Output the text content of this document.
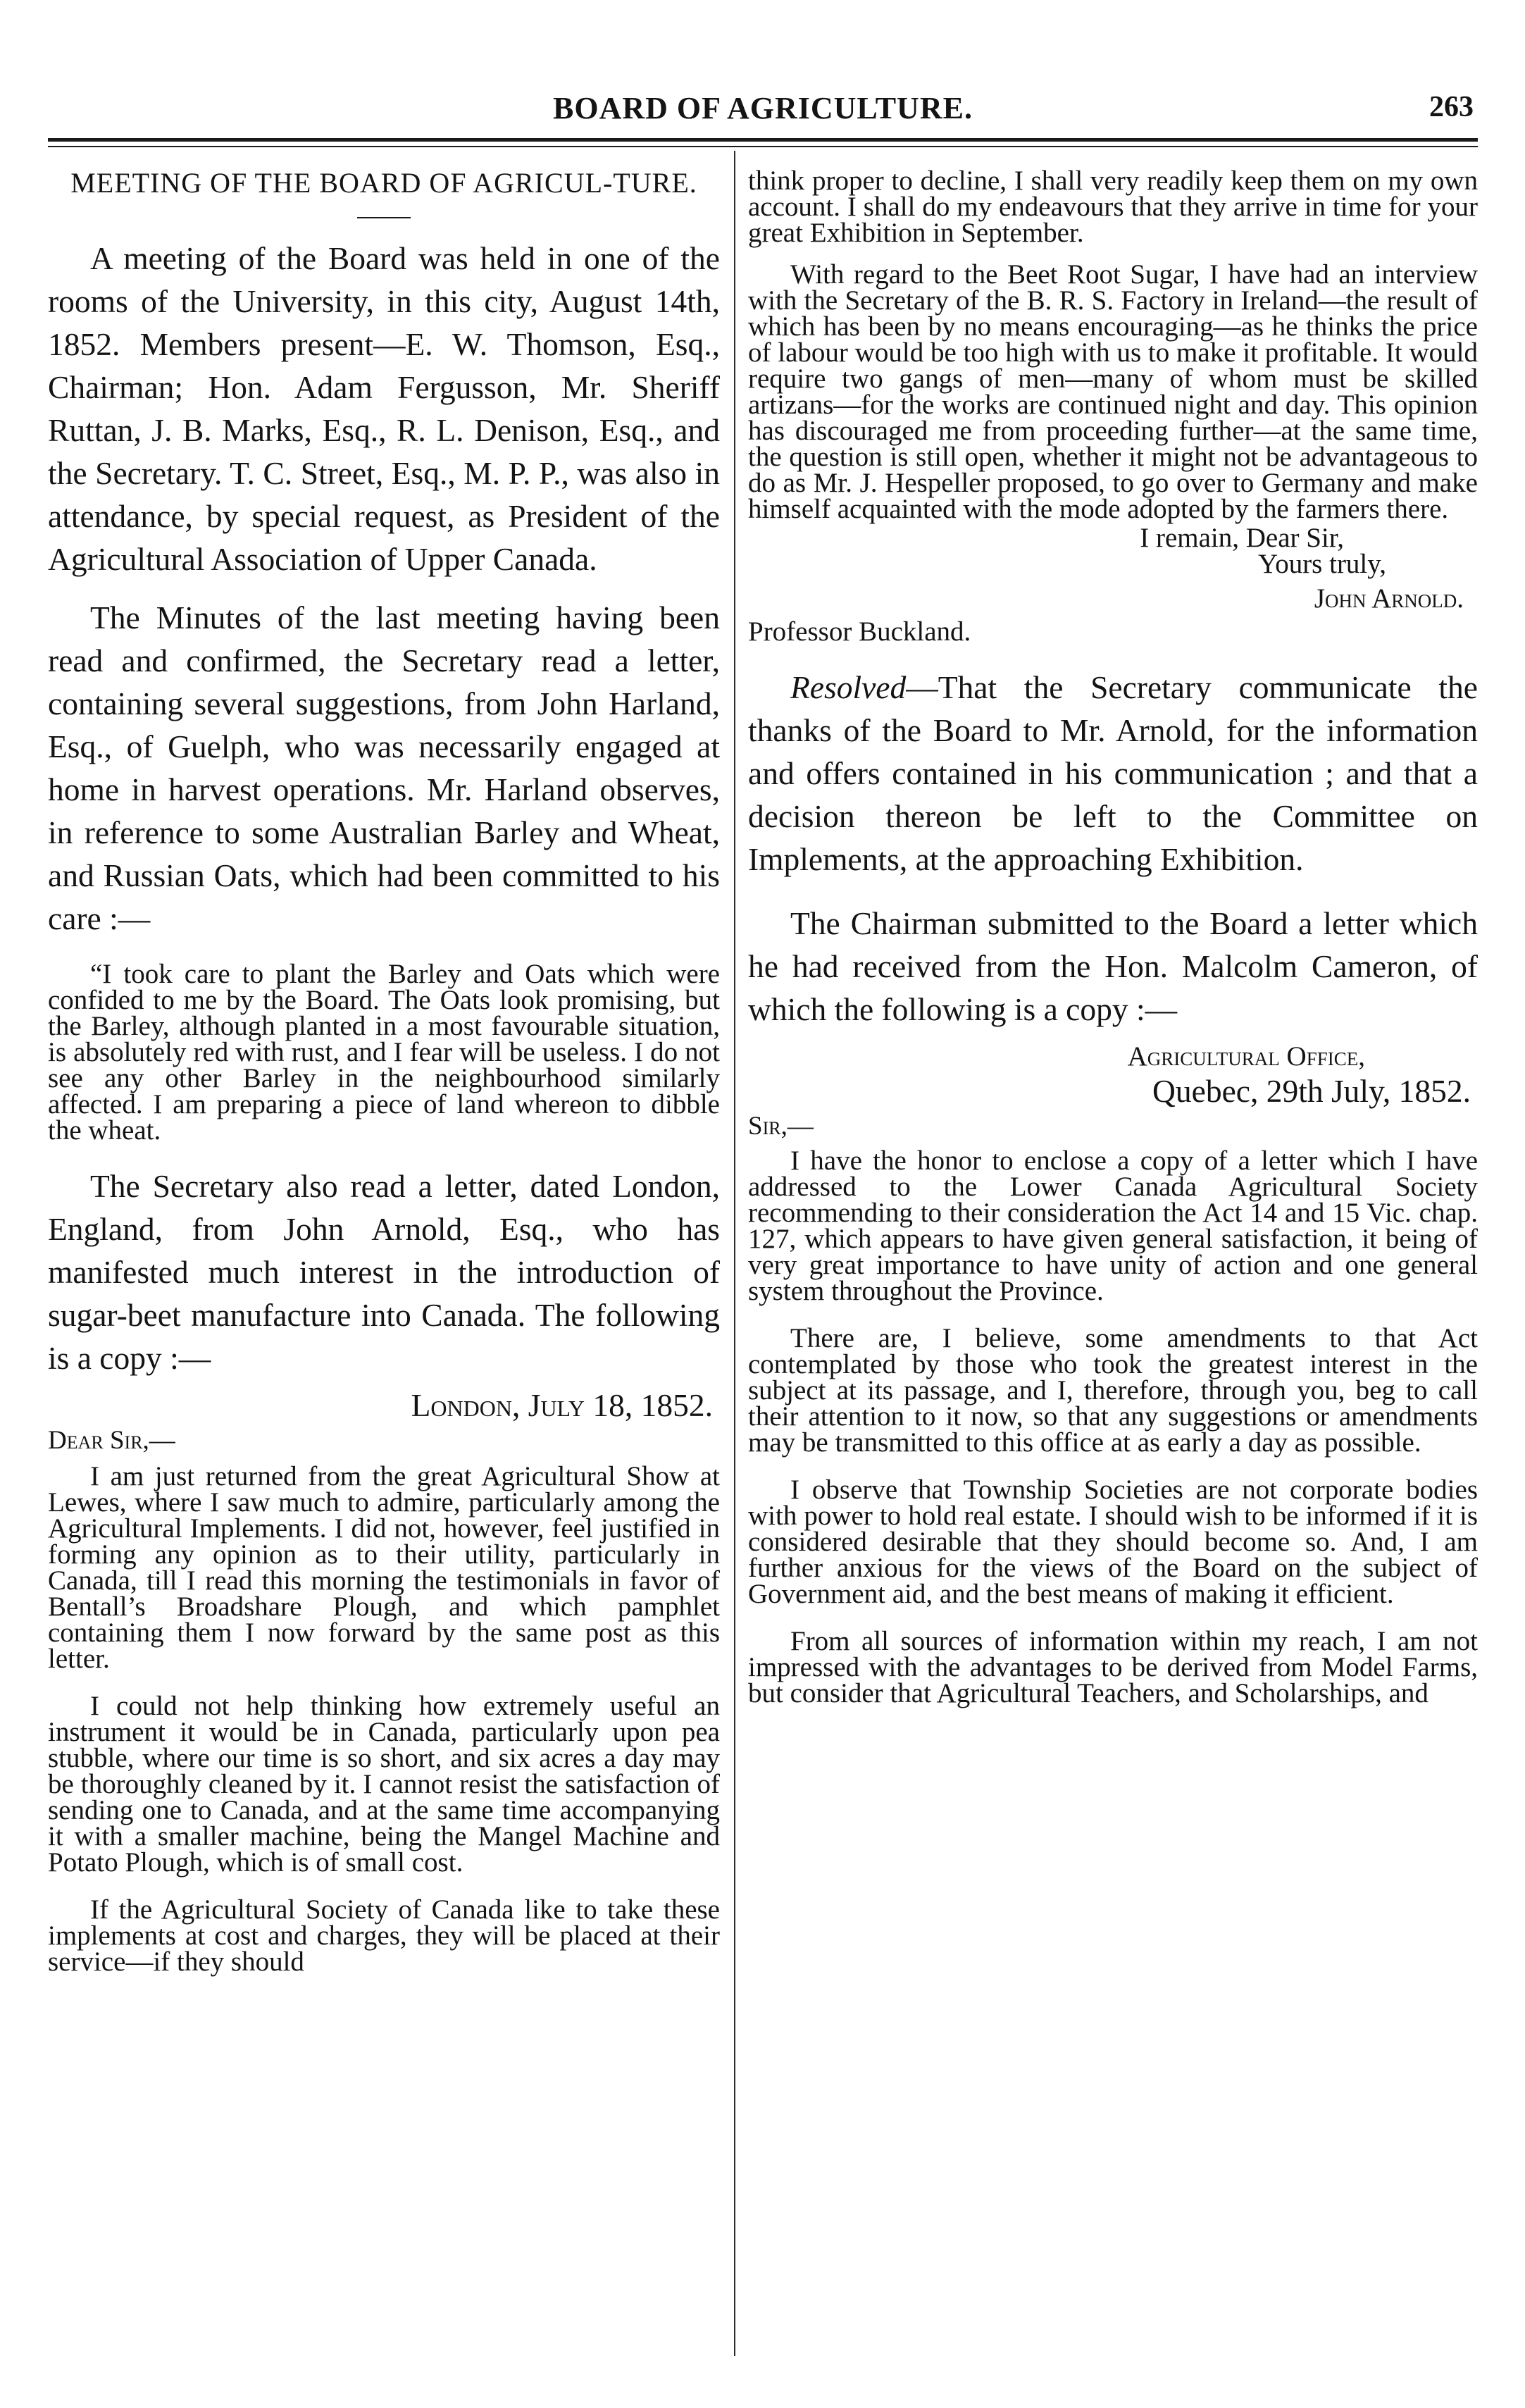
BOARD OF AGRICULTURE.	263
MEETING OF THE BOARD OF AGRICUL-TURE.

A meeting of the Board was held in one of the rooms of the University, in this city, August 14th, 1852. Members present—E. W. Thomson, Esq., Chairman; Hon. Adam Fergusson, Mr. Sheriff Ruttan, J. B. Marks, Esq., R. L. Denison, Esq., and the Secretary. T. C. Street, Esq., M. P. P., was also in attendance, by special request, as President of the Agricultural Association of Upper Canada.

The Minutes of the last meeting having been read and confirmed, the Secretary read a letter, containing several suggestions, from John Harland, Esq., of Guelph, who was necessarily engaged at home in harvest operations. Mr. Harland observes, in reference to some Australian Barley and Wheat, and Russian Oats, which had been committed to his care :—

“I took care to plant the Barley and Oats which were confided to me by the Board. The Oats look promising, but the Barley, although planted in a most favourable situation, is absolutely red with rust, and I fear will be useless. I do not see any other Barley in the neighbourhood similarly affected. I am preparing a piece of land whereon to dibble the wheat.

The Secretary also read a letter, dated London, England, from John Arnold, Esq., who has manifested much interest in the introduction of sugar-beet manufacture into Canada. The following is a copy :—

London, July 18, 1852.

Dear Sir,—

I am just returned from the great Agricultural Show at Lewes, where I saw much to admire, particularly among the Agricultural Implements. I did not, however, feel justified in forming any opinion as to their utility, particularly in Canada, till I read this morning the testimonials in favor of Bentall’s Broadshare Plough, and which pamphlet containing them I now forward by the same post as this letter.

I could not help thinking how extremely useful an instrument it would be in Canada, particularly upon pea stubble, where our time is so short, and six acres a day may be thoroughly cleaned by it. I cannot resist the satisfaction of sending one to Canada, and at the same time accompanying it with a smaller machine, being the Mangel Machine and Potato Plough, which is of small cost.

If the Agricultural Society of Canada like to take these implements at cost and charges, they will be placed at their service—if they should

think proper to decline, I shall very readily keep them on my own account. I shall do my endeavours that they arrive in time for your great Exhibition in September.

With regard to the Beet Root Sugar, I have had an interview with the Secretary of the B. R. S. Factory in Ireland—the result of which has been by no means encouraging—as he thinks the price of labour would be too high with us to make it profitable. It would require two gangs of men—many of whom must be skilled artizans—for the works are continued night and day. This opinion has discouraged me from proceeding further—at the same time, the question is still open, whether it might not be advantageous to do as Mr. J. Hespeller proposed, to go over to Germany and make himself acquainted with the mode adopted by the farmers there.

I remain, Dear Sir,

Yours truly,

John Arnold.

Professor Buckland.

Resolved—That the Secretary communicate the thanks of the Board to Mr. Arnold, for the information and offers contained in his communication ; and that a decision thereon be left to the Committee on Implements, at the approaching Exhibition.

The Chairman submitted to the Board a letter which he had received from the Hon. Malcolm Cameron, of which the following is a copy :—

Agricultural Office,

Quebec, 29th July, 1852.

Sir,—

I have the honor to enclose a copy of a letter which I have addressed to the Lower Canada Agricultural Society recommending to their consideration the Act 14 and 15 Vic. chap. 127, which appears to have given general satisfaction, it being of very great importance to have unity of action and one general system throughout the Province.

There are, I believe, some amendments to that Act contemplated by those who took the greatest interest in the subject at its passage, and I, therefore, through you, beg to call their attention to it now, so that any suggestions or amendments may be transmitted to this office at as early a day as possible.

I observe that Township Societies are not corporate bodies with power to hold real estate. I should wish to be informed if it is considered desirable that they should become so. And, I am further anxious for the views of the Board on the subject of Government aid, and the best means of making it efficient.

From all sources of information within my reach, I am not impressed with the advantages to be derived from Model Farms, but consider that Agricultural Teachers, and Scholarships, and
